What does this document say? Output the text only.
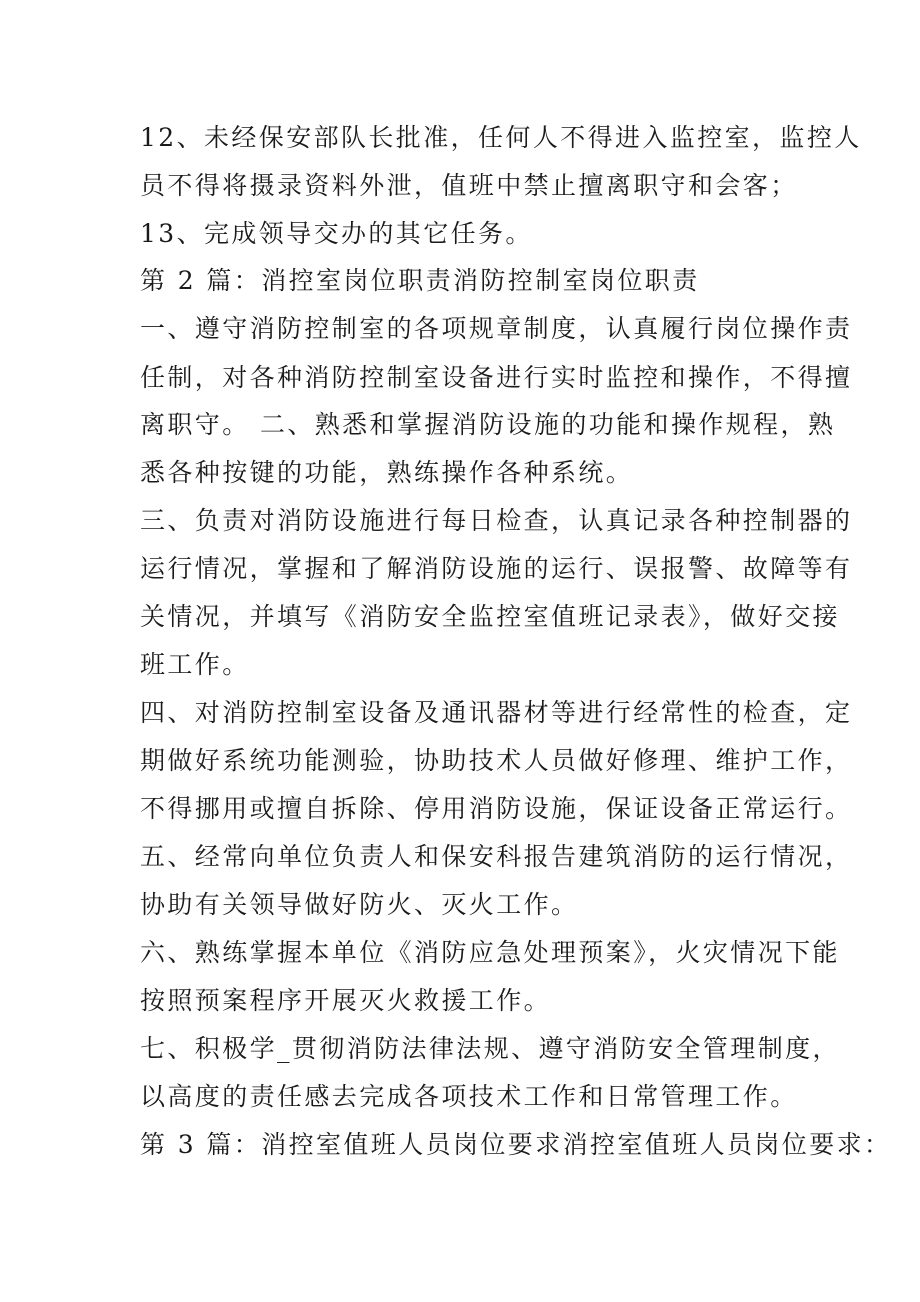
12、未经保安部队长批准，任何人不得进入监控室，监控人
员不得将摄录资料外泄，值班中禁止擅离职守和会客；
13、完成领导交办的其它任务。
第 2 篇：消控室岗位职责消防控制室岗位职责
一、遵守消防控制室的各项规章制度，认真履行岗位操作责
任制，对各种消防控制室设备进行实时监控和操作，不得擅
离职守。 二、熟悉和掌握消防设施的功能和操作规程，熟
悉各种按键的功能，熟练操作各种系统。
三、负责对消防设施进行每日检查，认真记录各种控制器的
运行情况，掌握和了解消防设施的运行、误报警、故障等有
关情况，并填写《消防安全监控室值班记录表》，做好交接
班工作。
四、对消防控制室设备及通讯器材等进行经常性的检查，定
期做好系统功能测验，协助技术人员做好修理、维护工作，
不得挪用或擅自拆除、停用消防设施，保证设备正常运行。
五、经常向单位负责人和保安科报告建筑消防的运行情况，
协助有关领导做好防火、灭火工作。
六、熟练掌握本单位《消防应急处理预案》，火灾情况下能
按照预案程序开展灭火救援工作。
七、积极学_贯彻消防法律法规、遵守消防安全管理制度，
以高度的责任感去完成各项技术工作和日常管理工作。
第 3 篇：消控室值班人员岗位要求消控室值班人员岗位要求：
